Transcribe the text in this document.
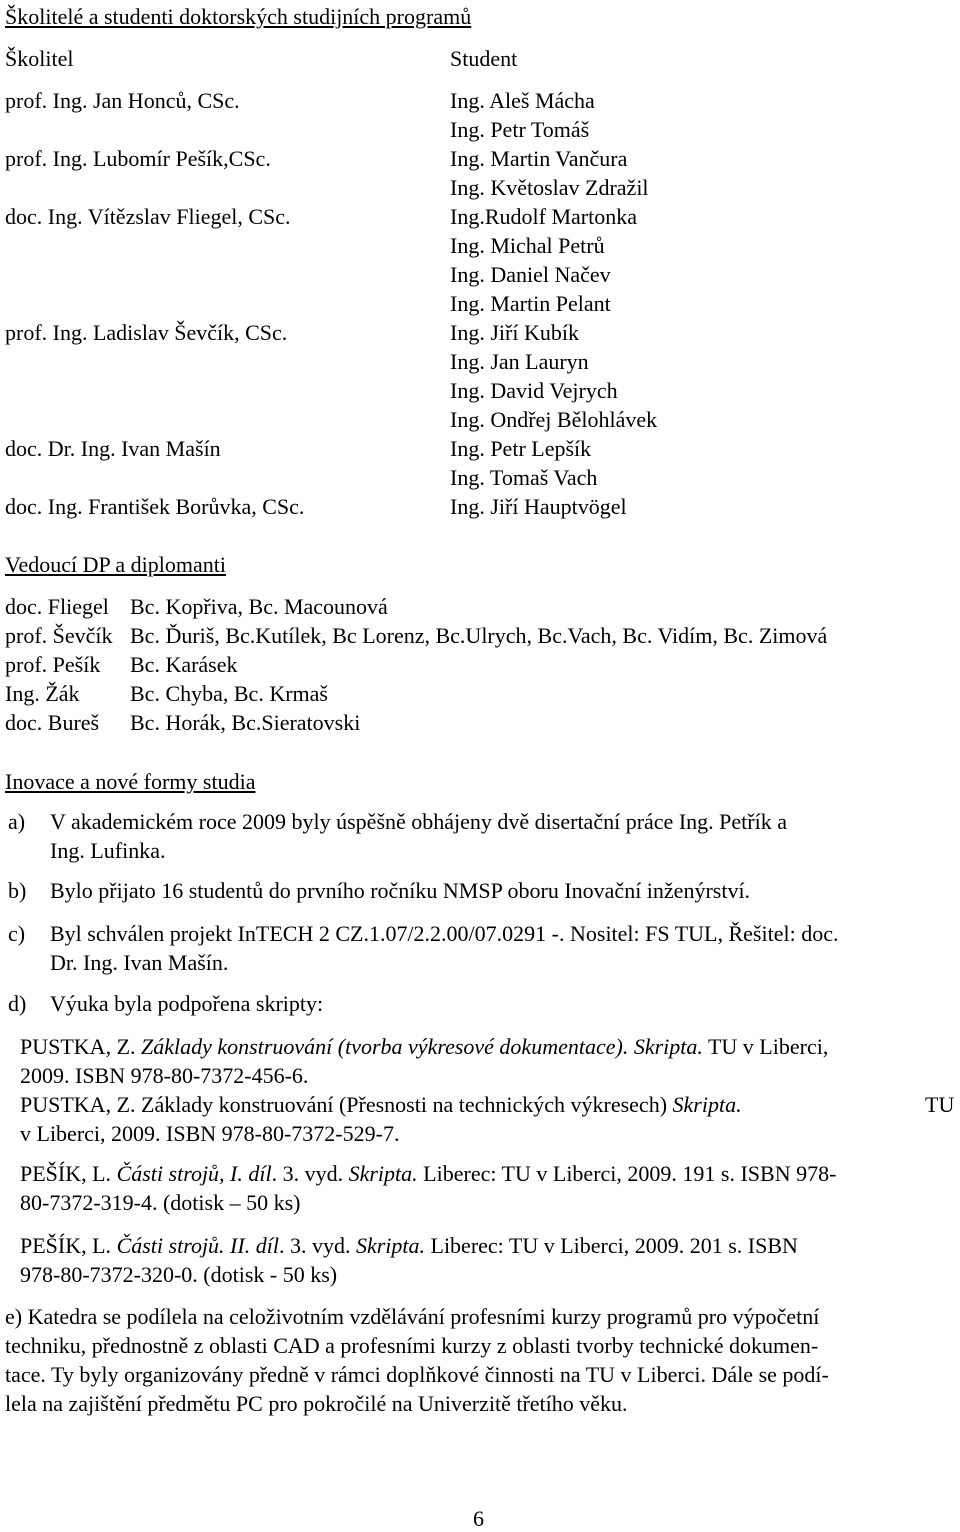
Školitelé a studenti doktorských studijních programů
Školitel	Student
prof. Ing. Jan Honců, CSc.
prof. Ing. Lubomír Pešík,CSc.
doc. Ing. Vítězslav Fliegel, CSc.
prof. Ing. Ladislav Ševčík, CSc.
doc. Dr. Ing. Ivan Mašín
doc. Ing. František Borůvka, CSc.
Ing. Aleš Mácha
Ing. Petr Tomáš
Ing. Martin Vančura
Ing. Květoslav Zdražil
Ing.Rudolf Martonka
Ing. Michal Petrů
Ing. Daniel Načev
Ing. Martin Pelant
Ing. Jiří Kubík
Ing. Jan Lauryn
Ing. David Vejrych
Ing. Ondřej Bělohlávek
Ing. Petr Lepšík
Ing. Tomaš Vach
Ing. Jiří Hauptvögel
Vedoucí DP a diplomanti
doc. Fliegel Bc. Kopřiva, Bc. Macounová
prof. Ševčík Bc. Ďuriš, Bc.Kutílek, Bc Lorenz, Bc.Ulrych, Bc.Vach, Bc. Vidím, Bc. Zimová
prof. Pešík Bc. Karásek
Ing. Žák Bc. Chyba, Bc. Krmaš
doc. Bureš Bc. Horák, Bc.Sieratovski
Inovace a nové formy studia
a) V akademickém roce 2009 byly úspěšně obhájeny dvě disertační práce Ing. Petřík a
Ing. Lufinka.
b) Bylo přijato 16 studentů do prvního ročníku NMSP oboru Inovační inženýrství.
c) Byl schválen projekt InTECH 2 CZ.1.07/2.2.00/07.0291 -. Nositel: FS TUL, Řešitel: doc.
Dr. Ing. Ivan Mašín.
d) Výuka byla podpořena skripty:
PUSTKA, Z. Základy konstruování (tvorba výkresové dokumentace). Skripta. TU v Liberci,
2009. ISBN 978-80-7372-456-6.
PUSTKA, Z. Základy konstruování (Přesnosti na technických výkresech) Skripta.	TU
v Liberci, 2009. ISBN 978-80-7372-529-7.
PEŠÍK, L. Části strojů, I. díl. 3. vyd. Skripta. Liberec: TU v Liberci, 2009. 191 s. ISBN 978-
80-7372-319-4. (dotisk – 50 ks)
PEŠÍK, L. Části strojů. II. díl. 3. vyd. Skripta. Liberec: TU v Liberci, 2009. 201 s. ISBN
978-80-7372-320-0. (dotisk - 50 ks)
e) Katedra se podílela na celoživotním vzdělávání profesními kurzy programů pro výpočetní
techniku, přednostně z oblasti CAD a profesními kurzy z oblasti tvorby technické dokumen-
tace. Ty byly organizovány předně v rámci doplňkové činnosti na TU v Liberci. Dále se podí-
lela na zajištění předmětu PC pro pokročilé na Univerzitě třetího věku.
6
